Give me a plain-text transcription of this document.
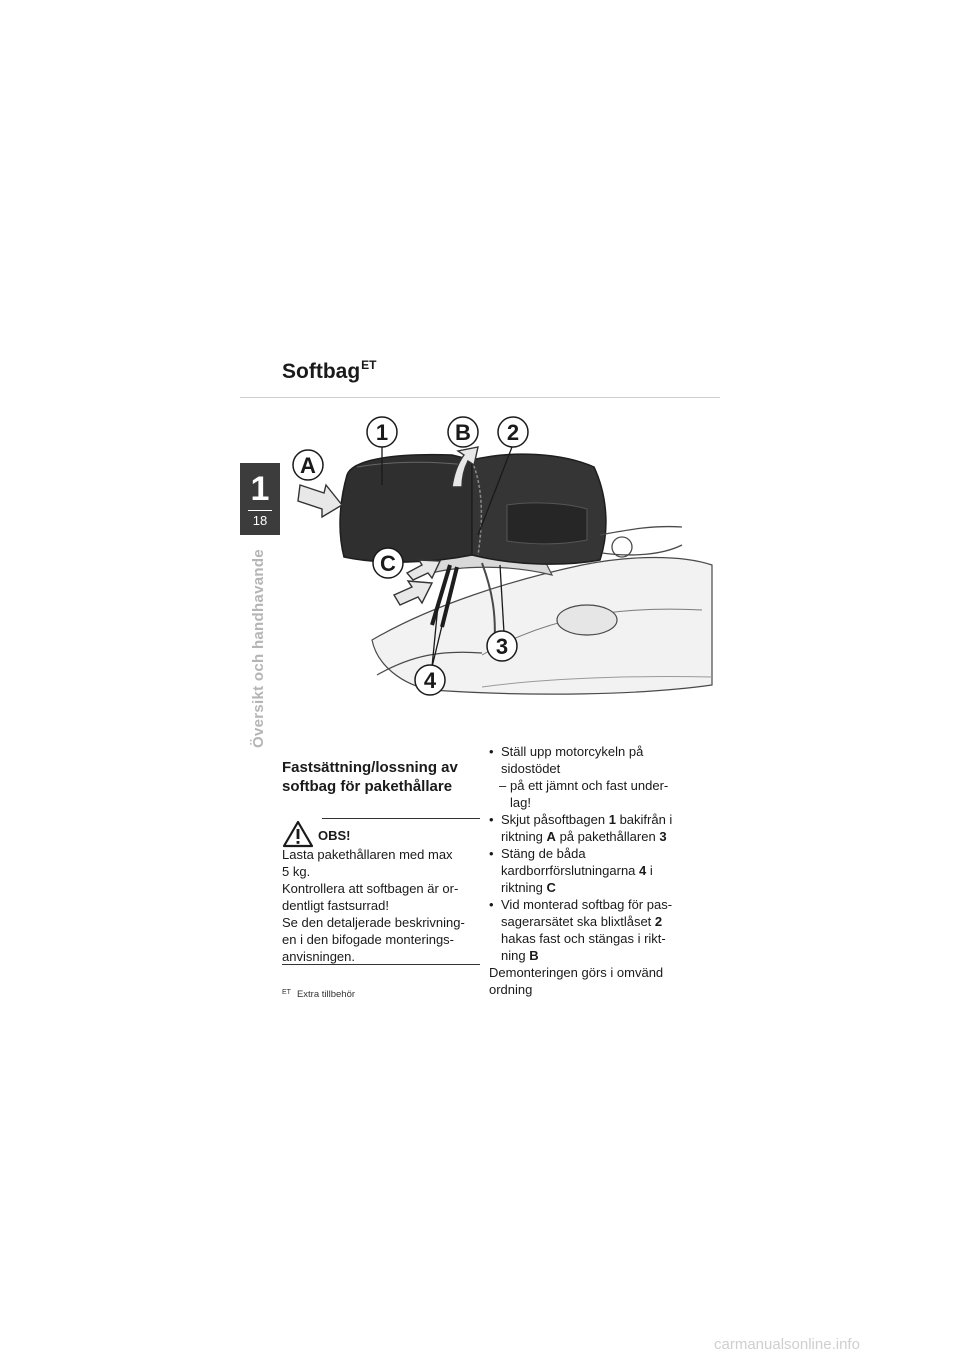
Softbag$^{ET}$
1
18
Översikt och handhavande
1	B 2
A
C
3
4
Fastsättning/lossning av
softbag för pakethållare
OBS!

Lasta pakethållaren med max
5 kg.
Kontrollera att softbagen är or-
dentligt fastsurrad!
Se den detaljerade beskrivning-
en i den bifogade monterings-
anvisningen.

$^{ET}$ Extra tillbehör
• Ställ upp motorcykeln på
sidostödet
– på ett jämnt och fast under-
lag!
• Skjut påsoftbagen 1 bakifrån i
riktning A på pakethållaren 3
• Stäng de båda
kardborrförslutningarna 4 i
riktning C
• Vid monterad softbag för pas-
sagerarsätet ska blixtlåset 2
hakas fast och stängas i rikt-
ning B

Demonteringen görs i omvänd
ordning

carmanualsonline.info
